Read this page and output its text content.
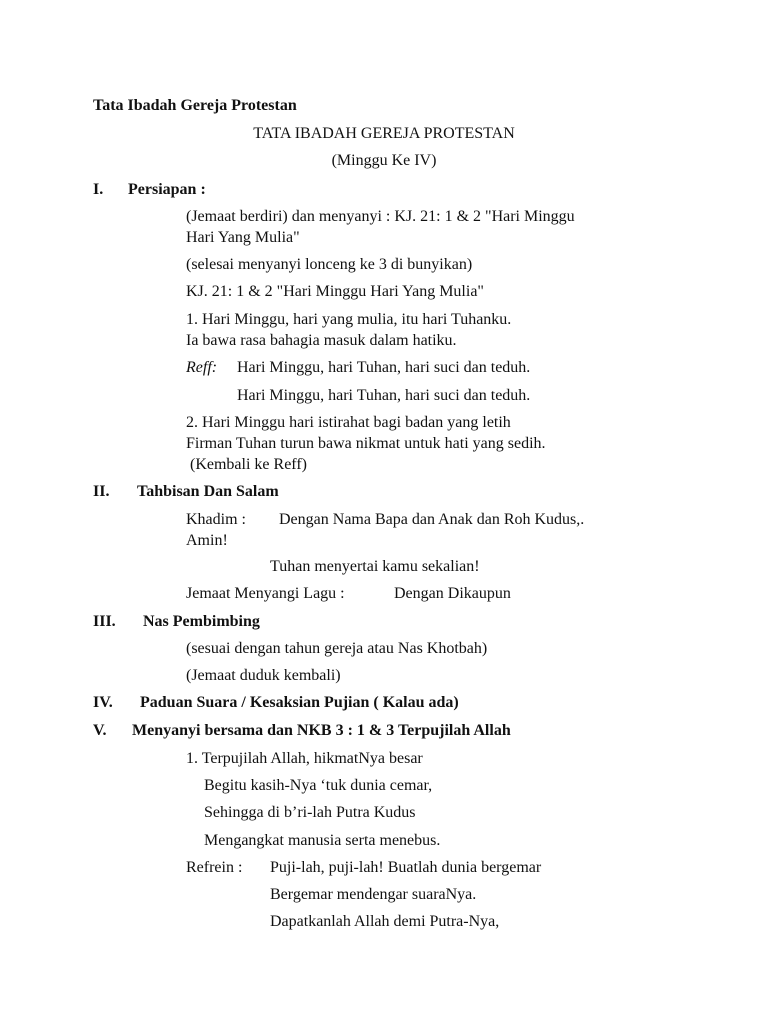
Tata Ibadah Gereja Protestan
TATA IBADAH GEREJA PROTESTAN
(Minggu Ke IV)
I. Persiapan :
(Jemaat berdiri) dan menyanyi : KJ. 21: 1 & 2 "Hari Minggu
Hari Yang Mulia"
(selesai menyanyi lonceng ke 3 di bunyikan)
KJ. 21: 1 & 2 "Hari Minggu Hari Yang Mulia"
1. Hari Minggu, hari yang mulia, itu hari Tuhanku.
Ia bawa rasa bahagia masuk dalam hatiku.
Reff: Hari Minggu, hari Tuhan, hari suci dan teduh.
Hari Minggu, hari Tuhan, hari suci dan teduh.
2. Hari Minggu hari istirahat bagi badan yang letih
Firman Tuhan turun bawa nikmat untuk hati yang sedih.
(Kembali ke Reff)
II. Tahbisan Dan Salam
Khadim : Dengan Nama Bapa dan Anak dan Roh Kudus,.
Amin!
Tuhan menyertai kamu sekalian!
Jemaat Menyangi Lagu :	Dengan Dikaupun
III. Nas Pembimbing
(sesuai dengan tahun gereja atau Nas Khotbah)
(Jemaat duduk kembali)
IV. Paduan Suara / Kesaksian Pujian ( Kalau ada)
V. Menyanyi bersama dan NKB 3 : 1 & 3 Terpujilah Allah
1. Terpujilah Allah, hikmatNya besar
Begitu kasih-Nya ‘tuk dunia cemar,
Sehingga di b’ri-lah Putra Kudus
Mengangkat manusia serta menebus.
Refrein : Puji-lah, puji-lah! Buatlah dunia bergemar
Bergemar mendengar suaraNya.
Dapatkanlah Allah demi Putra-Nya,
